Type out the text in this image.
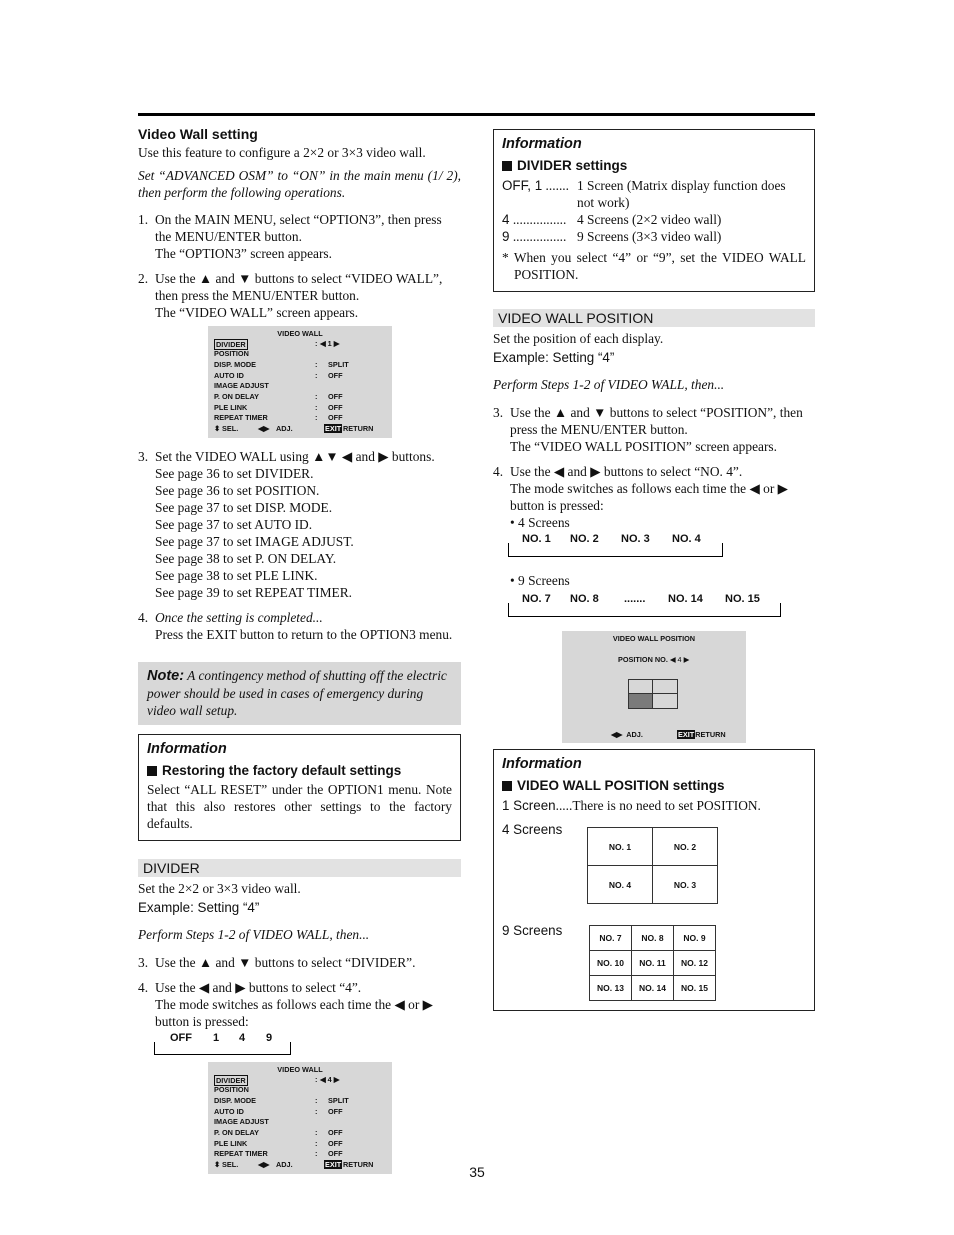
Video Wall setting

Use this feature to configure a 2×2 or 3×3 video wall.

Set “ADVANCED OSM” to “ON” in the main menu (1/ 2), then perform the following operations.

1. On the MAIN MENU, select “OPTION3”, then press the MENU/ENTER button.
The “OPTION3” screen appears.
2. Use the ▲ and ▼ buttons to select “VIDEO WALL”, then press the MENU/ENTER button.
The “VIDEO WALL” screen appears.
VIDEO WALL
DIVIDER	: ◀ 1 ▶
POSITION
DISP. MODE	: SPLIT
AUTO ID	: OFF
IMAGE ADJUST
P. ON DELAY	: OFF
PLE LINK	: OFF
REPEAT TIMER	: OFF
⬍ SEL.	◀▶ ADJ.	EXIT RETURN
3. Set the VIDEO WALL using ▲▼ ◀ and ▶ buttons.
See page 36 to set DIVIDER.
See page 36 to set POSITION.
See page 37 to set DISP. MODE.
See page 37 to set AUTO ID.
See page 37 to set IMAGE ADJUST.
See page 38 to set P. ON DELAY.
See page 38 to set PLE LINK.
See page 39 to set REPEAT TIMER.
4. Once the setting is completed...
Press the EXIT button to return to the OPTION3 menu.
Note: A contingency method of shutting off the electric power should be used in cases of emergency during video wall setup.
Information
Restoring the factory default settings

Select “ALL RESET” under the OPTION1 menu. Note that this also restores other settings to the factory defaults.

DIVIDER

Set the 2×2 or 3×3 video wall.

Example: Setting “4”

Perform Steps 1-2 of VIDEO WALL, then...

3. Use the ▲ and ▼ buttons to select “DIVIDER”.
4. Use the ◀ and ▶ buttons to select “4”.
The mode switches as follows each time the ◀ or ▶ button is pressed:
OFF 1 4 9
VIDEO WALL
DIVIDER	: ◀ 4 ▶
POSITION
DISP. MODE	: SPLIT
AUTO ID	: OFF
IMAGE ADJUST
P. ON DELAY	: OFF
PLE LINK	: OFF
REPEAT TIMER	: OFF
⬍ SEL.	◀▶ ADJ.	EXIT RETURN
Information
DIVIDER settings
OFF, 1 ....... 1 Screen (Matrix display function does not work)
4 ................ 4 Screens (2×2 video wall)
9 ................ 9 Screens (3×3 video wall)

* When you select “4” or “9”, set the VIDEO WALL POSITION.

VIDEO WALL POSITION

Set the position of each display.

Example: Setting “4”

Perform Steps 1-2 of VIDEO WALL, then...

3. Use the ▲ and ▼ buttons to select “POSITION”, then press the MENU/ENTER button.
The “VIDEO WALL POSITION” screen appears.
4. Use the ◀ and ▶ buttons to select “NO. 4”.
The mode switches as follows each time the ◀ or ▶ button is pressed:
• 4 Screens
NO. 1 NO. 2 NO. 3 NO. 4
• 9 Screens
NO. 7 NO. 8 ....... NO. 14 NO. 15
VIDEO WALL POSITION
POSITION NO. ◀ 4 ▶
◀▶ ADJ.	EXITRETURN
Information
VIDEO WALL POSITION settings
1 Screen ..... There is no need to set POSITION.
4 Screens
9 Screens
NO. 1	NO. 2
NO. 4	NO. 3
NO. 7	NO. 8	NO. 9
NO. 10	NO. 11	NO. 12
NO. 13	NO. 14	NO. 15
35
